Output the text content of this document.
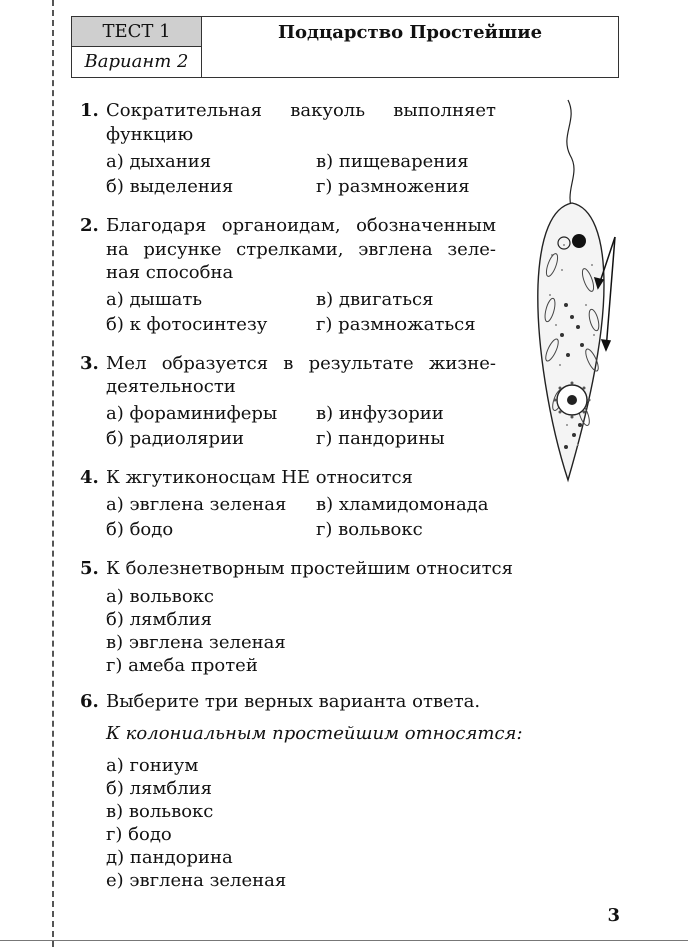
ТЕСТ 1
Вариант 2
Подцарство Простейшие
1. Сократительная вакуоль выполняет
функцию
а) дыхания	в) пищеварения
б) выделения	г) размножения
2. Благодаря органоидам, обозначенным
на рисунке стрелками, эвглена зеле-
ная способна
а) дышать	в) двигаться
б) к фотосинтезу	г) размножаться
3. Мел образуется в результате жизне-
деятельности
а) фораминиферы в) инфузории
б) радиолярии	г) пандорины
4. К жгутиконосцам НЕ относится
а) эвглена зеленая в) хламидомонада
б) бодо	г) вольвокс
5. К болезнетворным простейшим относится
а) вольвокс
б) лямблия
в) эвглена зеленая
г) амеба протей
6. Выберите три верных варианта ответа.
К колониальным простейшим относятся:
а) гониум
б) лямблия
в) вольвокс
г) бодо
д) пандорина
е) эвглена зеленая
3
